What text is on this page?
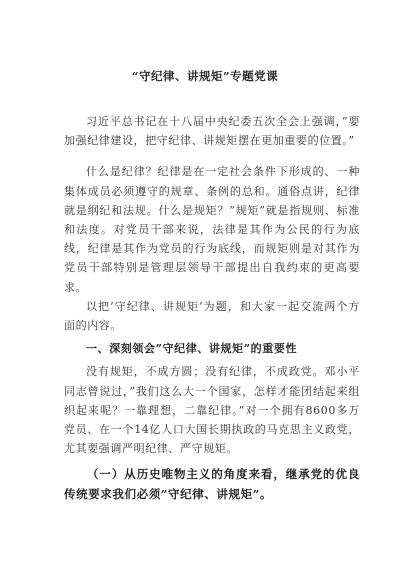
“守纪律、讲规矩”专题党课

习近平总书记在十八届中央纪委五次全会上强调，”要加强纪律建设，把守纪律、讲规矩摆在更加重要的位置。”

什么是纪律？纪律是在一定社会条件下形成的、一种集体成员必须遵守的规章、条例的总和。通俗点讲，纪律就是纲纪和法规。什么是规矩？”规矩”就是指规则、标准和法度。对党员干部来说，法律是其作为公民的行为底线，纪律是其作为党员的行为底线，而规矩则是对其作为党员干部特别是管理层领导干部提出自我约束的更高要求。

以把’守纪律、讲规矩’为题，和大家一起交流两个方面的内容。

一、深刻领会”守纪律、讲规矩”的重要性

没有规矩，不成方圆；没有纪律，不成政党。邓小平同志曾说过，”我们这么大一个国家，怎样才能团结起来组织起来呢？一靠理想，二靠纪律。”对一个拥有8600多万党员、在一个14亿人口大国长期执政的马克思主义政党，尤其要强调严明纪律、严守规矩。

（一）从历史唯物主义的角度来看，继承党的优良传统要求我们必须”守纪律、讲规矩”。
